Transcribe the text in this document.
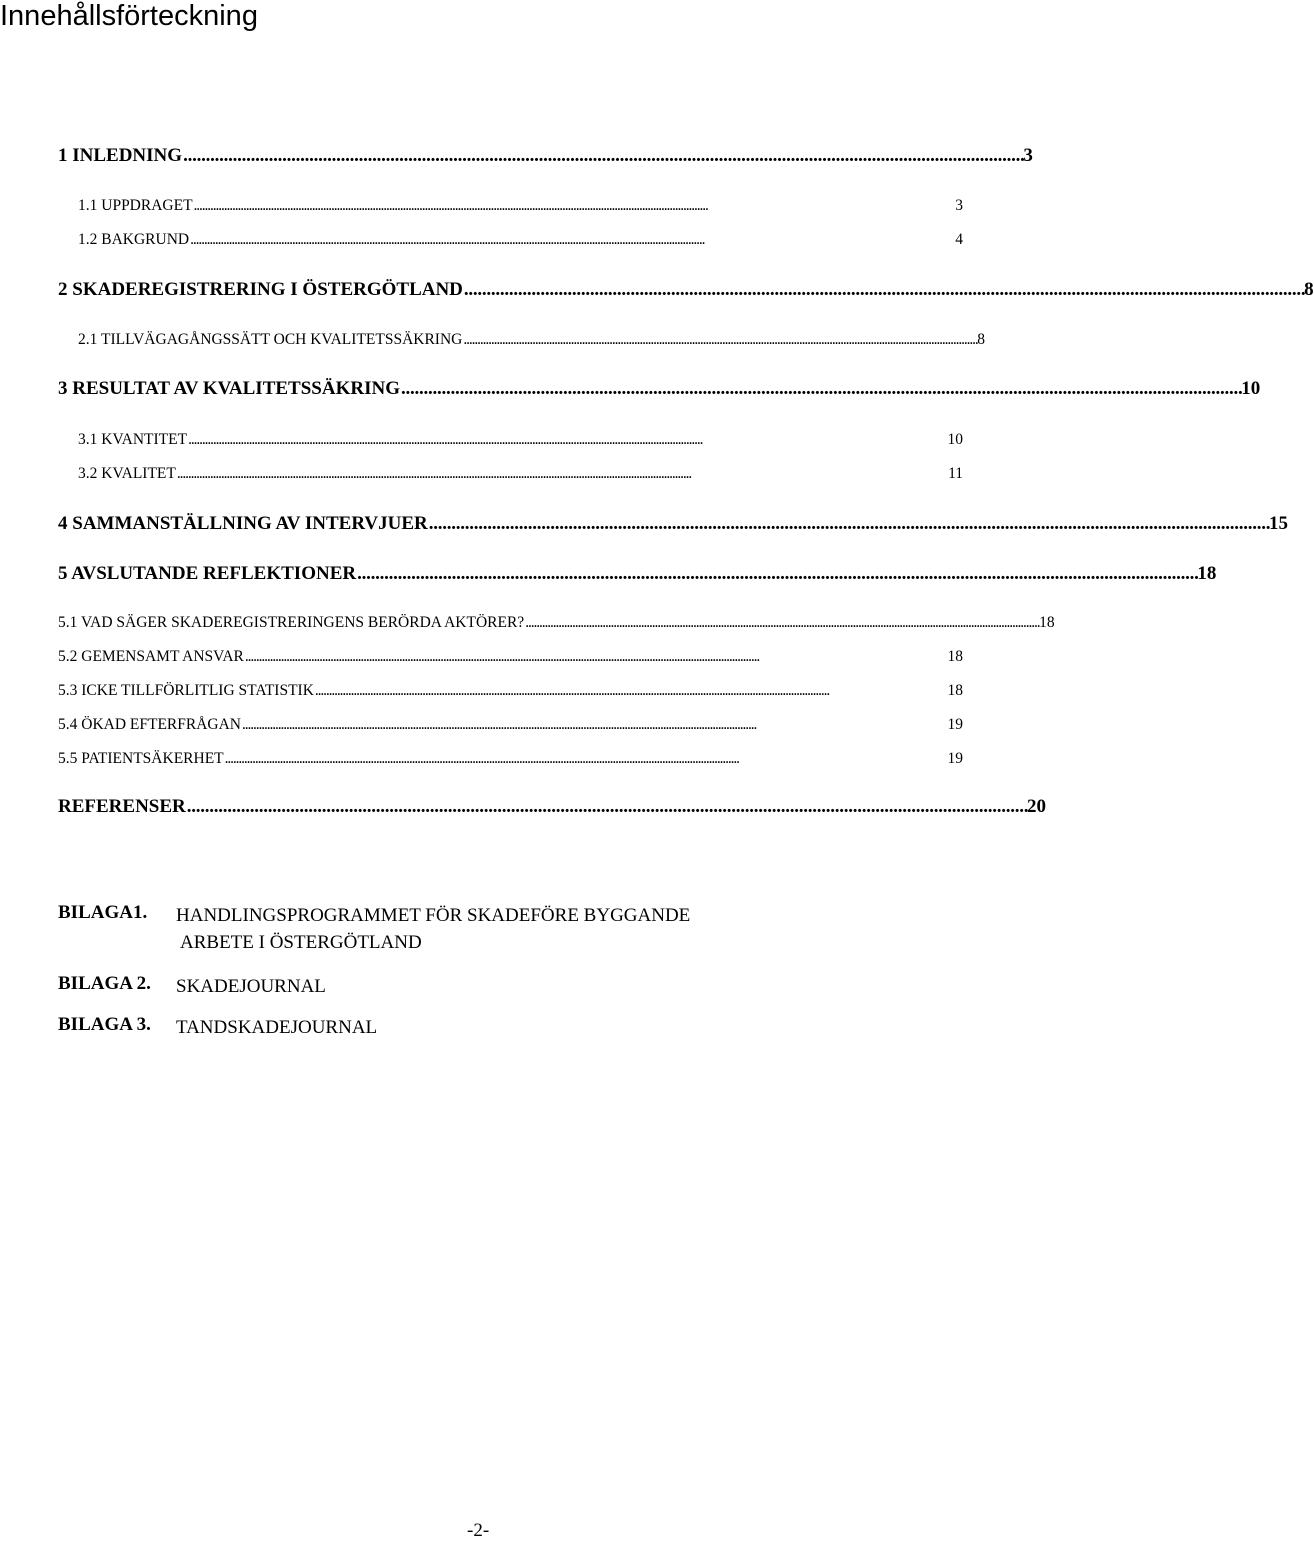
Innehållsförteckning
1 INLEDNING . . .	3
1.1 UPPDRAGET . . .	3
1.2 BAKGRUND . . .	4
2 SKADEREGISTRERING I ÖSTERGÖTLAND . . .	8
2.1 TILLVÄGAGÅNGSSÄTT OCH KVALITETSSÄKRING . . .	8
3 RESULTAT AV KVALITETSSÄKRING . . .	10
3.1 KVANTITET . . .	10
3.2 KVALITET . . .	11
4 SAMMANSTÄLLNING AV INTERVJUER . . .	15
5 AVSLUTANDE REFLEKTIONER . . .	18
5.1 VAD SÄGER SKADEREGISTRERINGENS BERÖRDA AKTÖRER? . . .	18
5.2 GEMENSAMT ANSVAR . . .	18
5.3 ICKE TILLFÖRLITLIG STATISTIK . . .	18
5.4 ÖKAD EFTERFRÅGAN . . .	19
5.5 PATIENTSÄKERHET . . .	19
REFERENSER . . .	20
BILAGA1. HANDLINGSPROGRAMMET FÖR SKADEFÖRE BYGGANDE
ARBETE I ÖSTERGÖTLAND
BILAGA 2. SKADEJOURNAL
BILAGA 3. TANDSKADEJOURNAL
-2-
